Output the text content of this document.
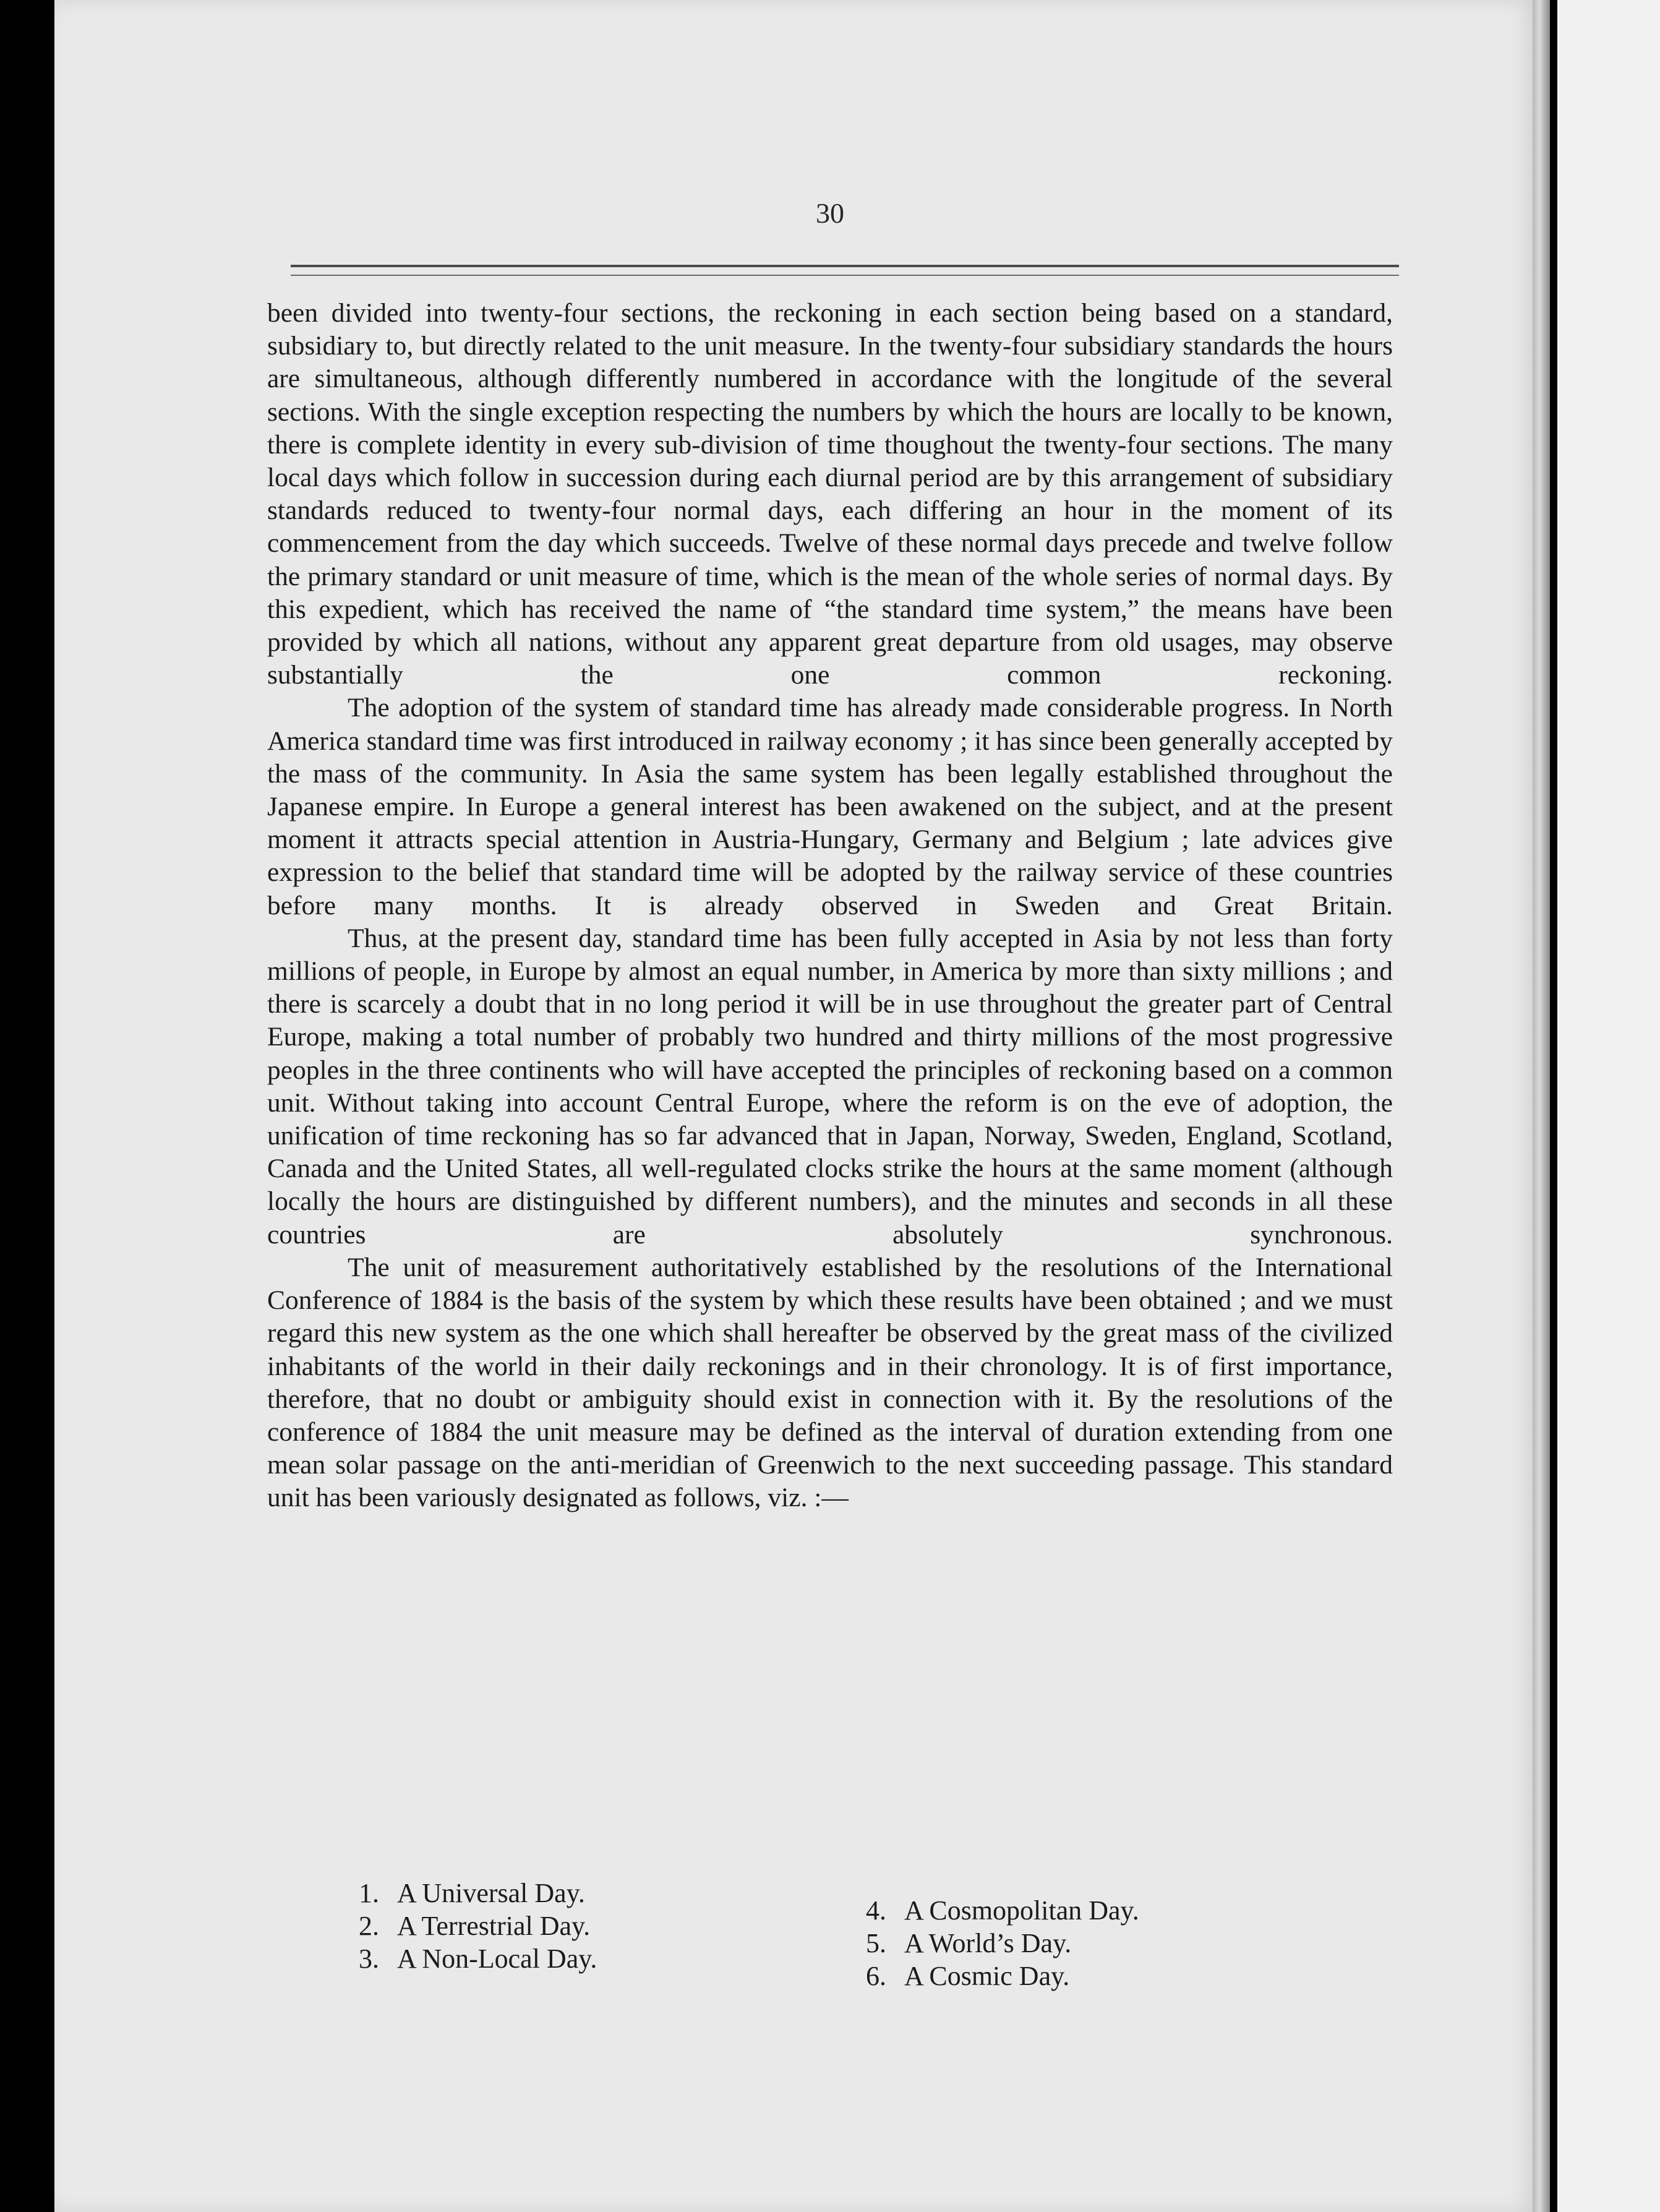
30

been divided into twenty-four sections, the reckoning in each section being based on a standard, subsidiary to, but directly related to the unit measure. In the twenty-four subsidiary standards the hours are simultaneous, although differently numbered in accordance with the longitude of the several sections. With the single exception respecting the numbers by which the hours are locally to be known, there is complete identity in every sub-division of time thoughout the twenty-four sections. The many local days which follow in succession during each diurnal period are by this arrangement of subsidiary standards reduced to twenty-four normal days, each differing an hour in the moment of its commencement from the day which succeeds. Twelve of these normal days precede and twelve follow the primary standard or unit measure of time, which is the mean of the whole series of normal days. By this expedient, which has received the name of “the standard time system,” the means have been provided by which all nations, without any apparent great departure from old usages, may observe substantially the one common reckoning.

The adoption of the system of standard time has already made considerable progress. In North America standard time was first introduced in railway economy ; it has since been generally accepted by the mass of the community. In Asia the same system has been legally established throughout the Japanese empire. In Europe a general interest has been awakened on the subject, and at the present moment it attracts special attention in Austria-Hungary, Germany and Belgium ; late advices give expression to the belief that standard time will be adopted by the railway service of these countries before many months. It is already observed in Sweden and Great Britain.

Thus, at the present day, standard time has been fully accepted in Asia by not less than forty millions of people, in Europe by almost an equal number, in America by more than sixty millions ; and there is scarcely a doubt that in no long period it will be in use throughout the greater part of Central Europe, making a total number of probably two hundred and thirty millions of the most progressive peoples in the three continents who will have accepted the principles of reckoning based on a common unit. Without taking into account Central Europe, where the reform is on the eve of adoption, the unification of time reckoning has so far advanced that in Japan, Norway, Sweden, England, Scotland, Canada and the United States, all well-regulated clocks strike the hours at the same moment (although locally the hours are distinguished by different numbers), and the minutes and seconds in all these countries are absolutely synchronous.

The unit of measurement authoritatively established by the resolutions of the International Conference of 1884 is the basis of the system by which these results have been obtained ; and we must regard this new system as the one which shall hereafter be observed by the great mass of the civilized inhabitants of the world in their daily reckonings and in their chronology. It is of first importance, therefore, that no doubt or ambiguity should exist in connection with it. By the resolutions of the conference of 1884 the unit measure may be defined as the interval of duration extending from one mean solar passage on the anti-meridian of Greenwich to the next succeeding passage. This standard unit has been variously designated as follows, viz. :—

1. A Universal Day.
2. A Terrestrial Day.
3. A Non-Local Day.
4. A Cosmopolitan Day.
5. A World’s Day.
6. A Cosmic Day.
